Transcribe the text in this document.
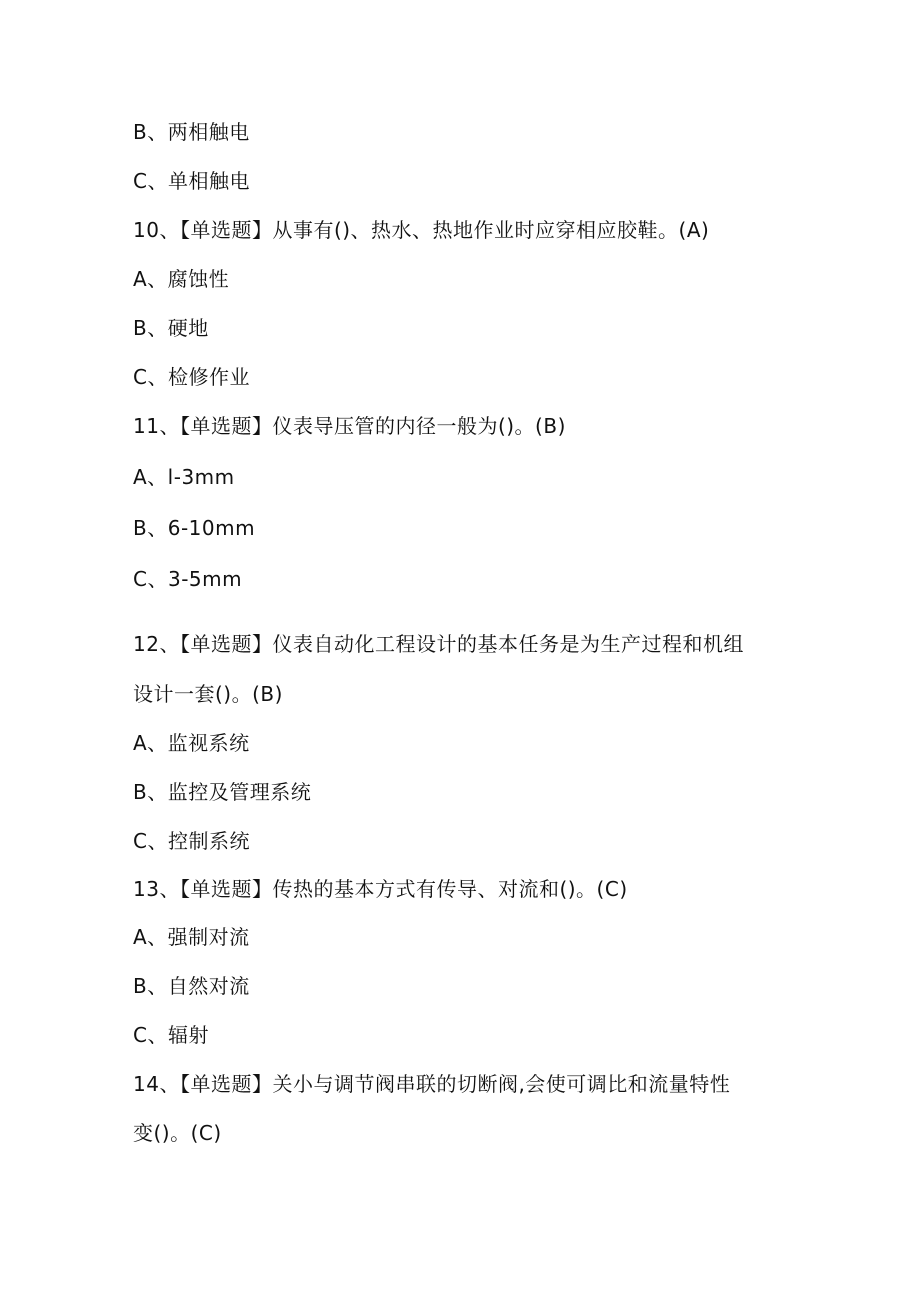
B、两相触电
C、单相触电
10、【单选题】从事有()、热水、热地作业时应穿相应胶鞋。(A)
A、腐蚀性
B、硬地
C、检修作业
11、【单选题】仪表导压管的内径一般为()。(B)
A、l-3mm
B、6-10mm
C、3-5mm
12、【单选题】仪表自动化工程设计的基本任务是为生产过程和机组
设计一套()。(B)
A、监视系统
B、监控及管理系统
C、控制系统
13、【单选题】传热的基本方式有传导、对流和()。(C)
A、强制对流
B、自然对流
C、辐射
14、【单选题】关小与调节阀串联的切断阀,会使可调比和流量特性
变()。(C)
